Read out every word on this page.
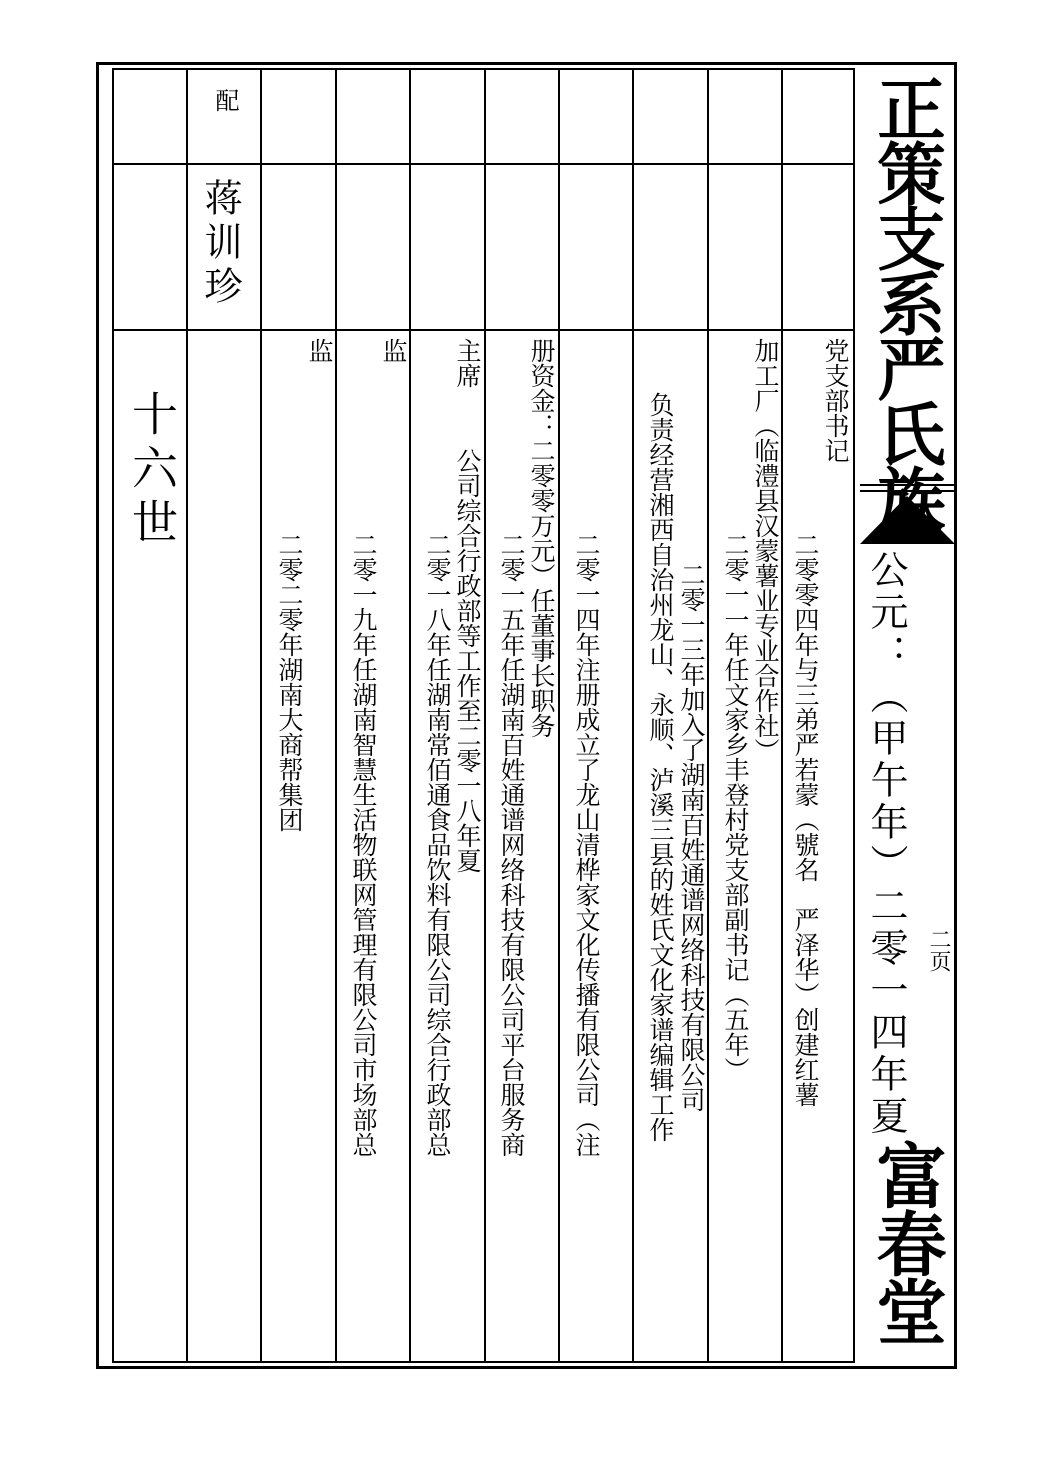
正策支系严氏族
公元：（甲午年）二零一四年夏 二页
富春堂
十六世
配
蒋训珍
党支部书记
二零零四年与三弟严若蒙（號名　严泽华）创建红薯
加工厂（临澧县汉蒙薯业专业合作社）
二零一一年任文家乡丰登村党支部副书记（五年）
二零一三年加入了湖南百姓通谱网络科技有限公司
负责经营湘西自治州龙山、永顺、泸溪三县的姓氏文化家谱编辑工作
二零一四年注册成立了龙山清桦家文化传播有限公司（注
册资金：二零零万元）任董事长职务
二零一五年任湖南百姓通谱网络科技有限公司平台服务商
主席
公司综合行政部等工作至二零一八年夏
二零一八年任湖南常佰通食品饮料有限公司综合行政部总
监
二零一九年任湖南智慧生活物联网管理有限公司市场部总
监
二零二零年湖南大商帮集团
